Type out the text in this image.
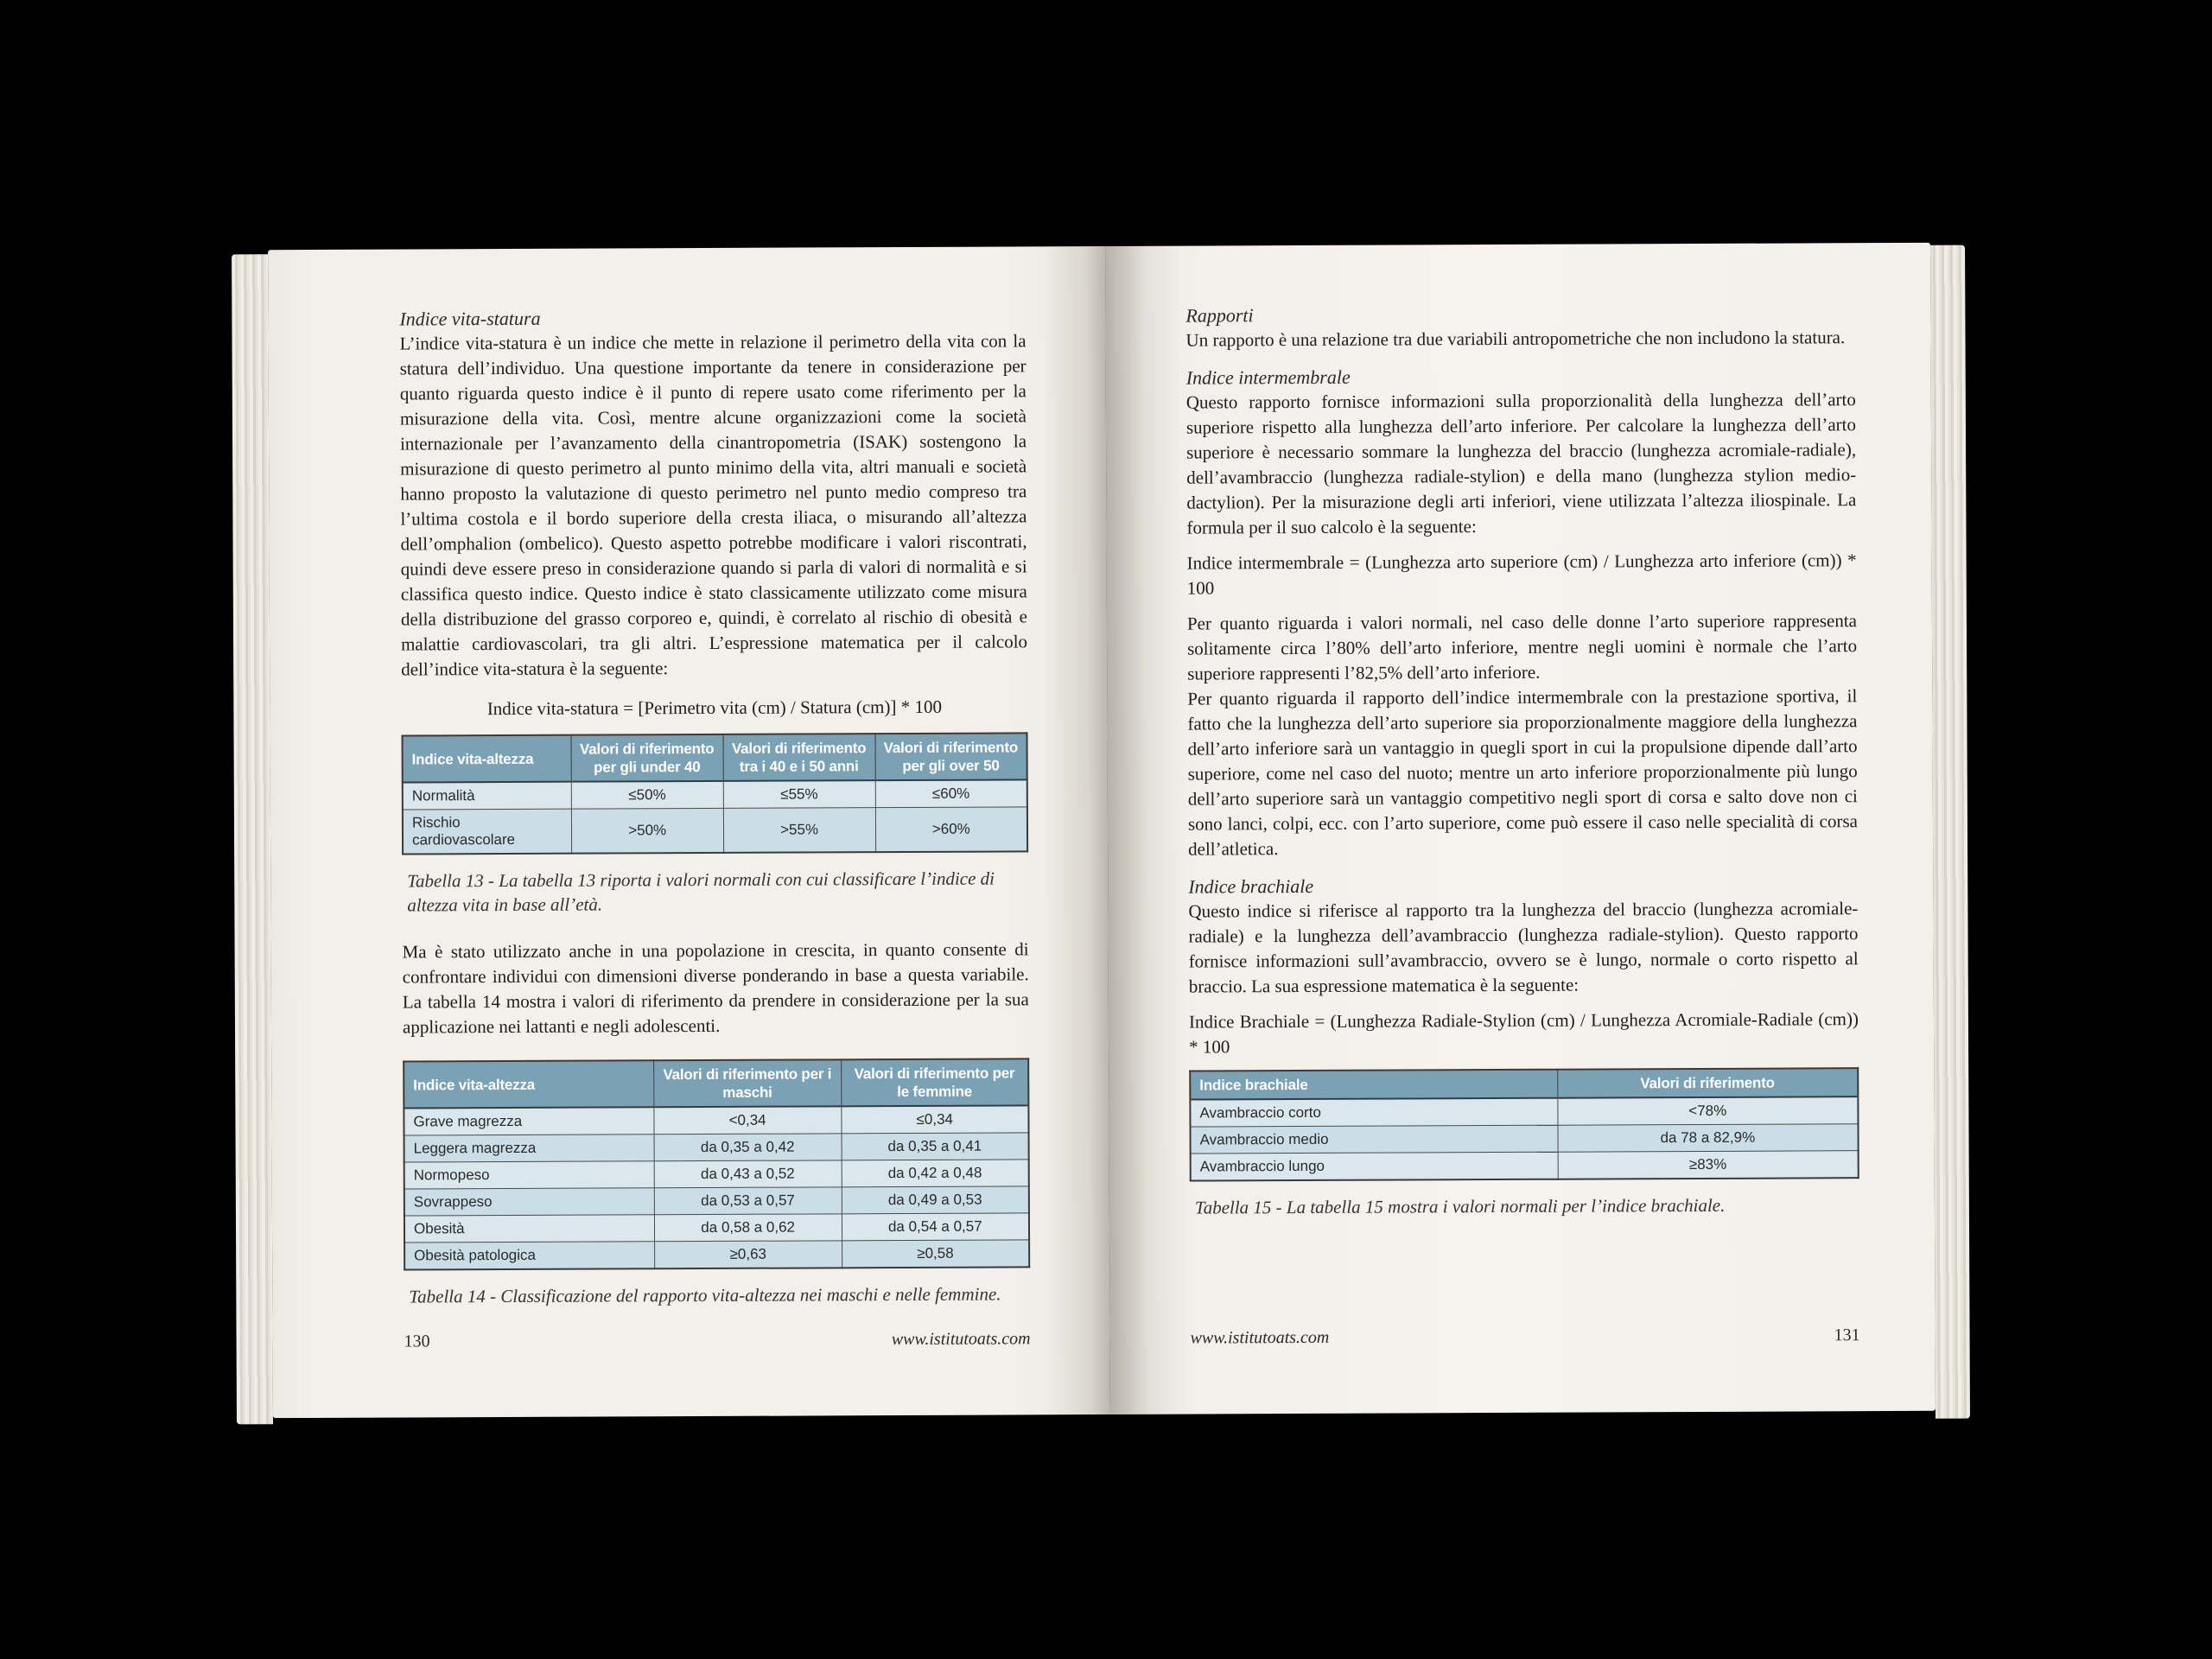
Indice vita-statura

L’indice vita-statura è un indice che mette in relazione il perimetro della vita con la statura dell’individuo. Una questione importante da tenere in considerazione per quanto riguarda questo indice è il punto di repere usato come riferimento per la misurazione della vita. Così, mentre alcune organizzazioni come la società internazionale per l’avanzamento della cinantropometria (ISAK) sostengono la misurazione di questo perimetro al punto minimo della vita, altri manuali e società hanno proposto la valutazione di questo perimetro nel punto medio compreso tra l’ultima costola e il bordo superiore della cresta iliaca, o misurando all’altezza dell’omphalion (ombelico). Questo aspetto potrebbe modificare i valori riscontrati, quindi deve essere preso in considerazione quando si parla di valori di normalità e si classifica questo indice. Questo indice è stato classicamente utilizzato come misura della distribuzione del grasso corporeo e, quindi, è correlato al rischio di obesità e malattie cardiovascolari, tra gli altri. L’espressione matematica per il calcolo dell’indice vita-statura è la seguente:

Indice vita-statura = [Perimetro vita (cm) / Statura (cm)] * 100

Indice vita-altezza	Valori di riferimento per gli under 40	Valori di riferimento tra i 40 e i 50 anni	Valori di riferimento per gli over 50
Normalità	≤50%	≤55%	≤60%
Rischio cardiovascolare	>50%	>55%	>60%

Tabella 13 - La tabella 13 riporta i valori normali con cui classificare l’indice di altezza vita in base all’età.

Ma è stato utilizzato anche in una popolazione in crescita, in quanto consente di confrontare individui con dimensioni diverse ponderando in base a questa variabile. La tabella 14 mostra i valori di riferimento da prendere in considerazione per la sua applicazione nei lattanti e negli adolescenti.

Indice vita-altezza	Valori di riferimento per i maschi	Valori di riferimento per le femmine
Grave magrezza	<0,34	≤0,34
Leggera magrezza	da 0,35 a 0,42	da 0,35 a 0,41
Normopeso	da 0,43 a 0,52	da 0,42 a 0,48
Sovrappeso	da 0,53 a 0,57	da 0,49 a 0,53
Obesità	da 0,58 a 0,62	da 0,54 a 0,57
Obesità patologica	≥0,63	≥0,58

Tabella 14 - Classificazione del rapporto vita-altezza nei maschi e nelle femmine.

130	www.istitutoats.com
Rapporti

Un rapporto è una relazione tra due variabili antropometriche che non includono la statura.

Indice intermembrale

Questo rapporto fornisce informazioni sulla proporzionalità della lunghezza dell’arto superiore rispetto alla lunghezza dell’arto inferiore. Per calcolare la lunghezza dell’arto superiore è necessario sommare la lunghezza del braccio (lunghezza acromiale-radiale), dell’avambraccio (lunghezza radiale-stylion) e della mano (lunghezza stylion medio-dactylion). Per la misurazione degli arti inferiori, viene utilizzata l’altezza iliospinale. La formula per il suo calcolo è la seguente:

Indice intermembrale = (Lunghezza arto superiore (cm) / Lunghezza arto inferiore (cm)) * 100

Per quanto riguarda i valori normali, nel caso delle donne l’arto superiore rappresenta solitamente circa l’80% dell’arto inferiore, mentre negli uomini è normale che l’arto superiore rappresenti l’82,5% dell’arto inferiore.

Per quanto riguarda il rapporto dell’indice intermembrale con la prestazione sportiva, il fatto che la lunghezza dell’arto superiore sia proporzionalmente maggiore della lunghezza dell’arto inferiore sarà un vantaggio in quegli sport in cui la propulsione dipende dall’arto superiore, come nel caso del nuoto; mentre un arto inferiore proporzionalmente più lungo dell’arto superiore sarà un vantaggio competitivo negli sport di corsa e salto dove non ci sono lanci, colpi, ecc. con l’arto superiore, come può essere il caso nelle specialità di corsa dell’atletica.

Indice brachiale

Questo indice si riferisce al rapporto tra la lunghezza del braccio (lunghezza acromiale-radiale) e la lunghezza dell’avambraccio (lunghezza radiale-stylion). Questo rapporto fornisce informazioni sull’avambraccio, ovvero se è lungo, normale o corto rispetto al braccio. La sua espressione matematica è la seguente:

Indice Brachiale = (Lunghezza Radiale-Stylion (cm) / Lunghezza Acromiale-Radiale (cm)) * 100

Indice brachiale	Valori di riferimento
Avambraccio corto	<78%
Avambraccio medio	da 78 a 82,9%
Avambraccio lungo	≥83%

Tabella 15 - La tabella 15 mostra i valori normali per l’indice brachiale.

www.istitutoats.com	131
